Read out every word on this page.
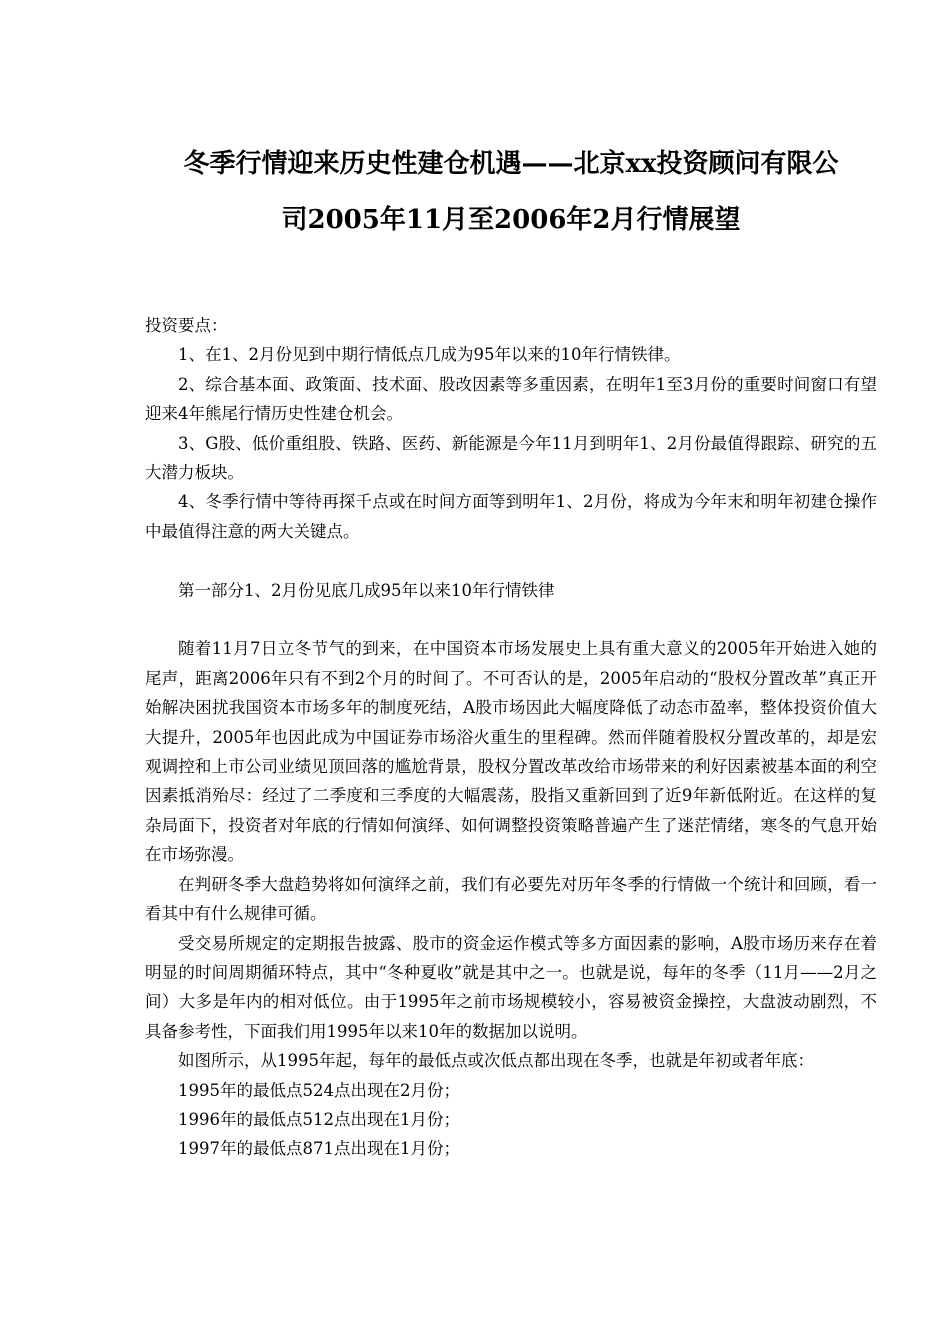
冬季行情迎来历史性建仓机遇——北京xx投资顾问有限公
司2005年11月至2006年2月行情展望

投资要点：

1、在1、2月份见到中期行情低点几成为95年以来的10年行情铁律。

2、综合基本面、政策面、技术面、股改因素等多重因素，在明年1至3月份的重要时间窗口有望迎来4年熊尾行情历史性建仓机会。

3、G股、低价重组股、铁路、医药、新能源是今年11月到明年1、2月份最值得跟踪、研究的五大潜力板块。

4、冬季行情中等待再探千点或在时间方面等到明年1、2月份，将成为今年末和明年初建仓操作中最值得注意的两大关键点。

第一部分1、2月份见底几成95年以来10年行情铁律

随着11月7日立冬节气的到来，在中国资本市场发展史上具有重大意义的2005年开始进入她的尾声，距离2006年只有不到2个月的时间了。不可否认的是，2005年启动的“股权分置改革”真正开始解决困扰我国资本市场多年的制度死结，A股市场因此大幅度降低了动态市盈率，整体投资价值大大提升，2005年也因此成为中国证券市场浴火重生的里程碑。然而伴随着股权分置改革的，却是宏观调控和上市公司业绩见顶回落的尴尬背景，股权分置改革改给市场带来的利好因素被基本面的利空因素抵消殆尽：经过了二季度和三季度的大幅震荡，股指又重新回到了近9年新低附近。在这样的复杂局面下，投资者对年底的行情如何演绎、如何调整投资策略普遍产生了迷茫情绪，寒冬的气息开始在市场弥漫。

在判研冬季大盘趋势将如何演绎之前，我们有必要先对历年冬季的行情做一个统计和回顾，看一看其中有什么规律可循。

受交易所规定的定期报告披露、股市的资金运作模式等多方面因素的影响，A股市场历来存在着明显的时间周期循环特点，其中“冬种夏收”就是其中之一。也就是说，每年的冬季（11月——2月之间）大多是年内的相对低位。由于1995年之前市场规模较小，容易被资金操控，大盘波动剧烈，不具备参考性，下面我们用1995年以来10年的数据加以说明。

如图所示，从1995年起，每年的最低点或次低点都出现在冬季，也就是年初或者年底：

1995年的最低点524点出现在2月份；

1996年的最低点512点出现在1月份；

1997年的最低点871点出现在1月份；
